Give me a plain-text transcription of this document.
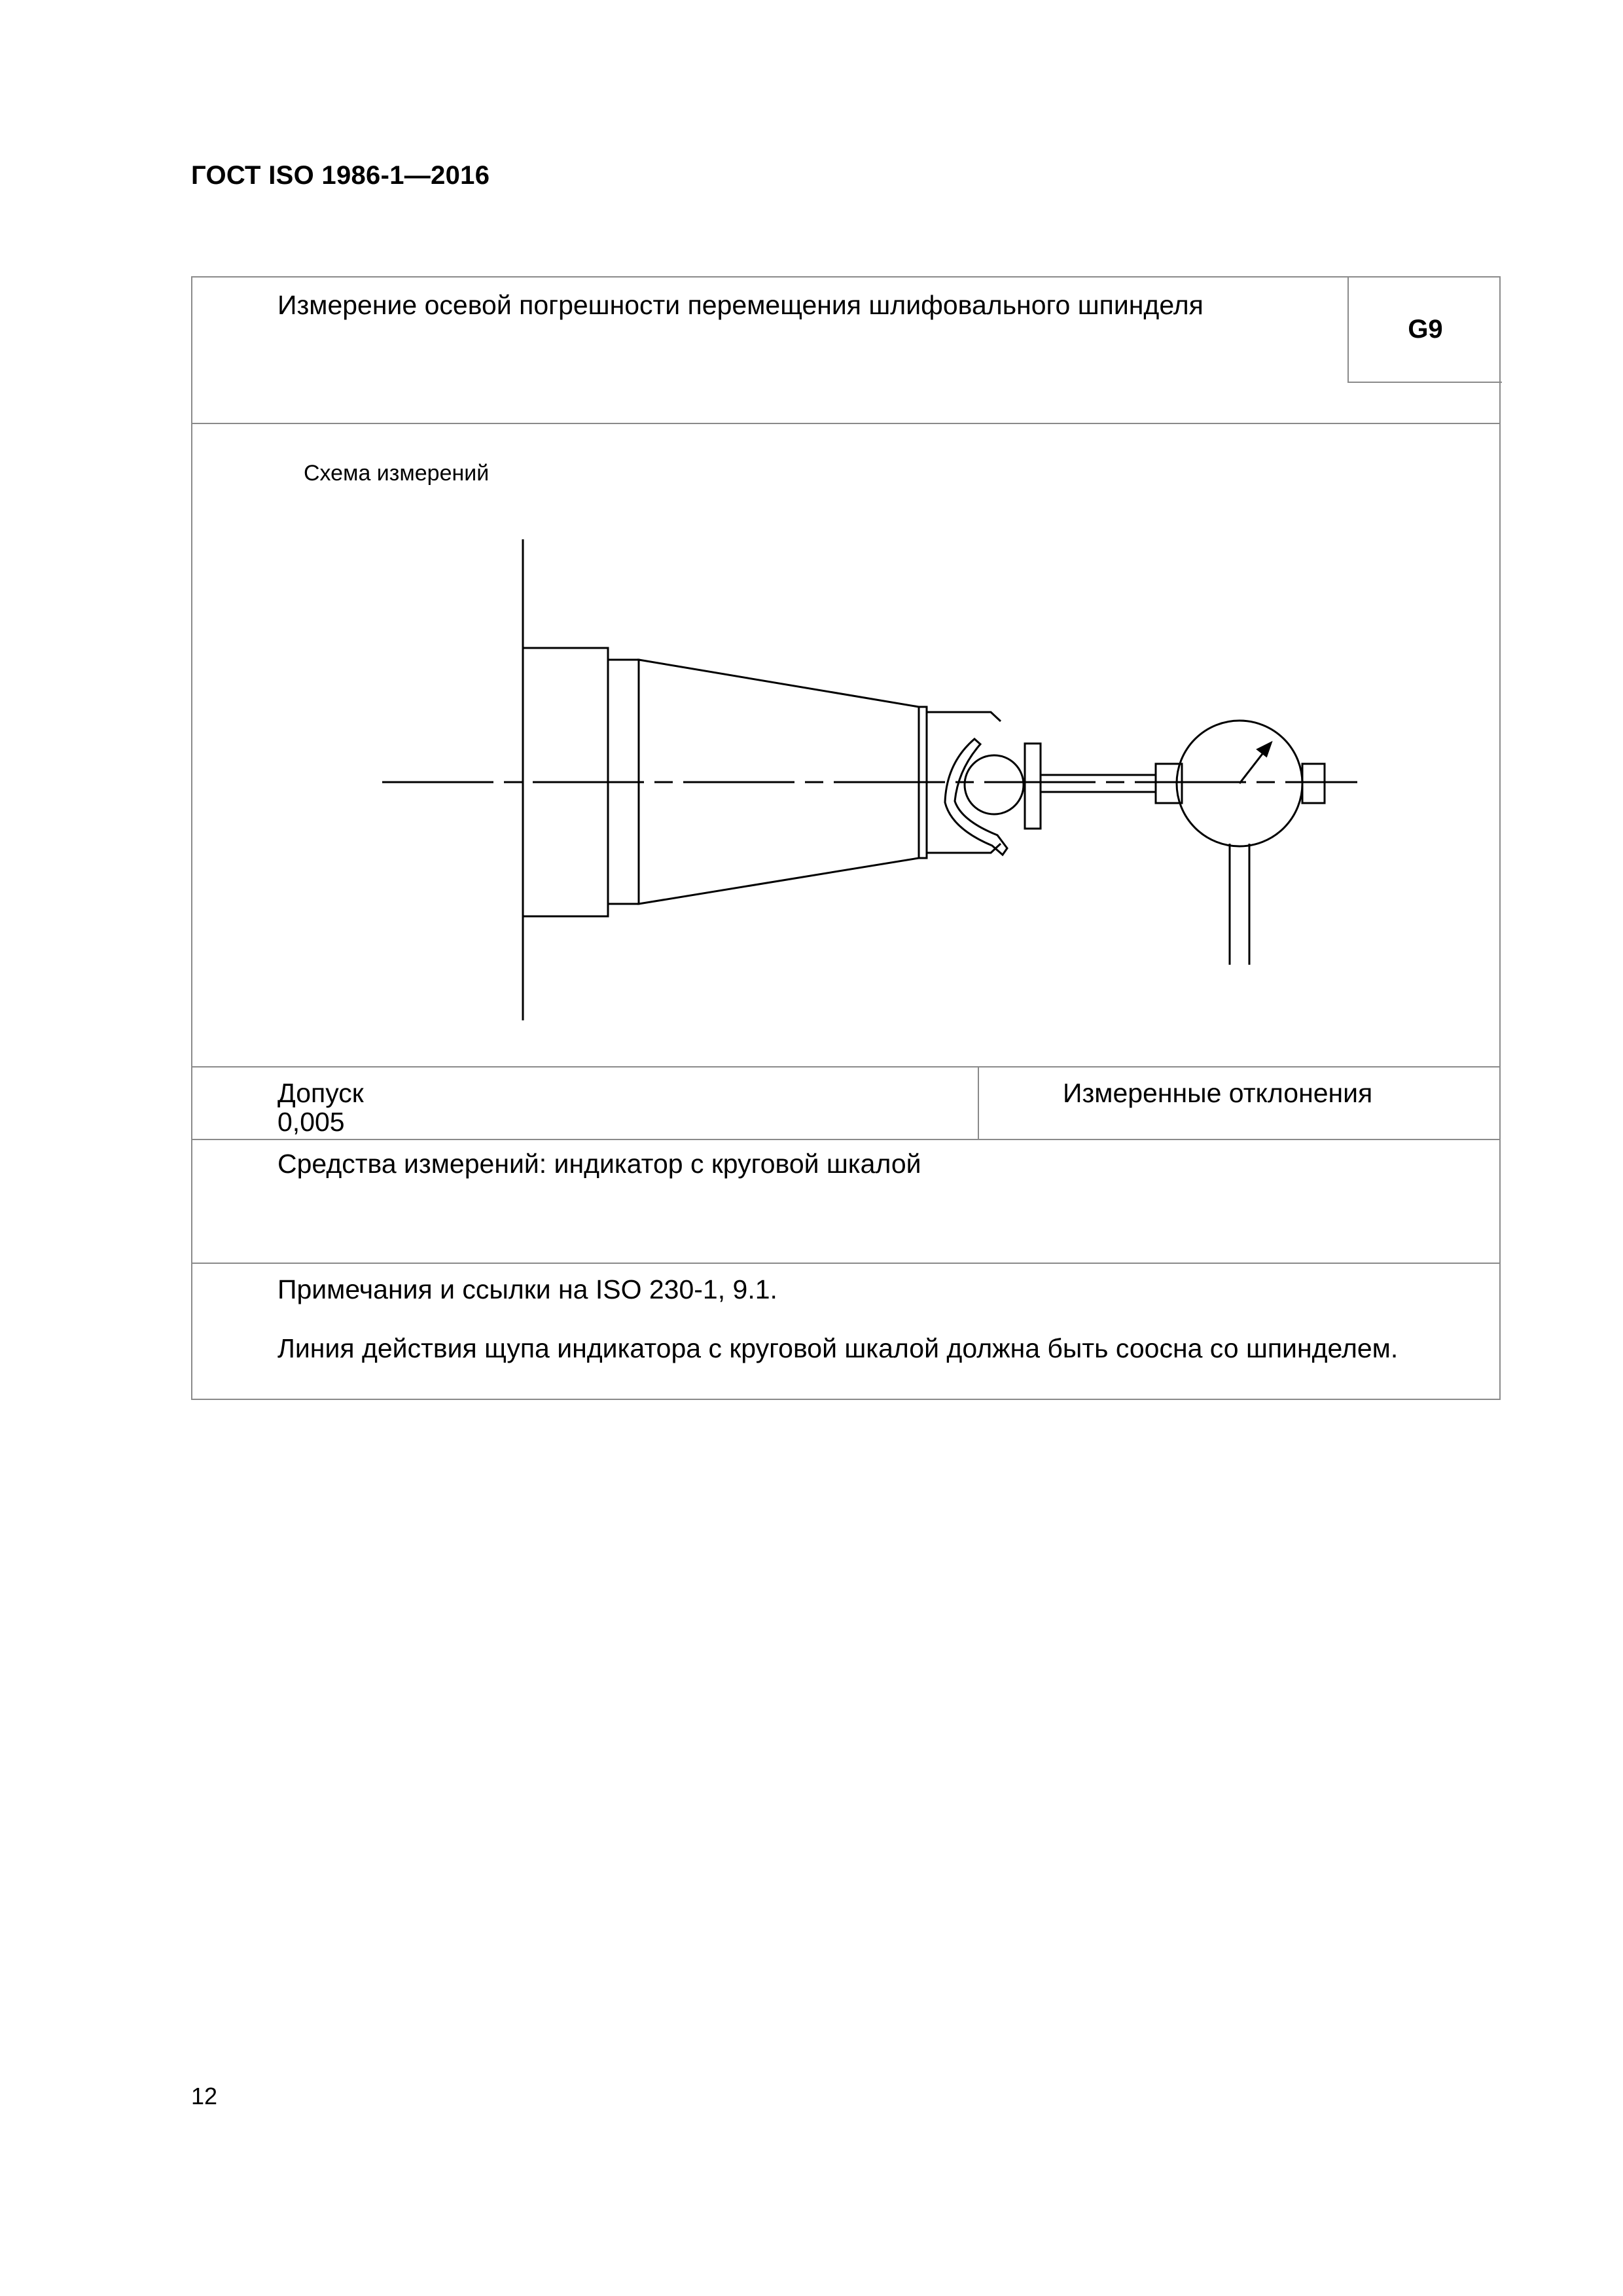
ГОСТ ISO 1986-1—2016
G9
Измерение осевой погрешности перемещения шлифовального шпинделя
Схема измерений
Допуск
0,005
Измеренные отклонения
Средства измерений: индикатор с круговой шкалой
Примечания и ссылки на ISO 230-1, 9.1.
Линия действия щупа индикатора с круговой шкалой должна быть соосна со шпинделем.
12
